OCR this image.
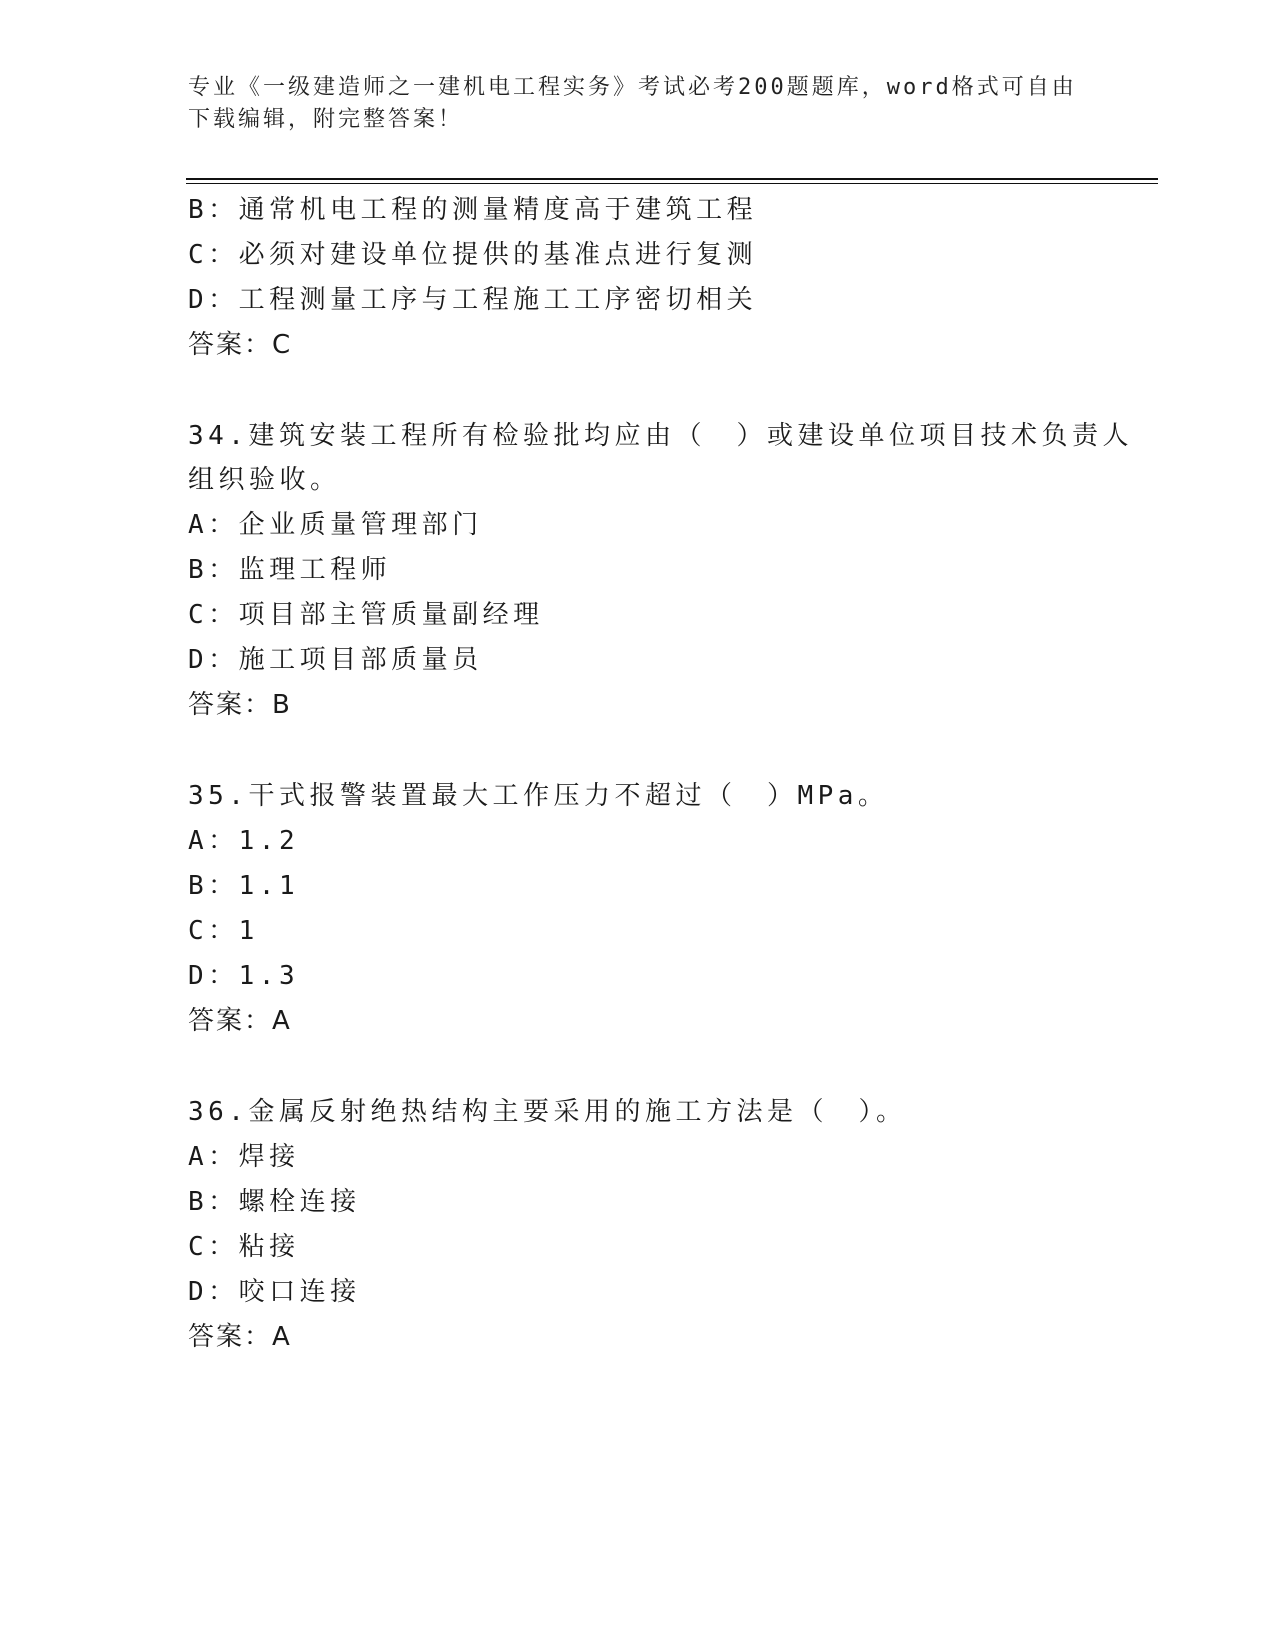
专业《一级建造师之一建机电工程实务》考试必考200题题库，word格式可自由
下载编辑，附完整答案！
B：通常机电工程的测量精度高于建筑工程
C：必须对建设单位提供的基准点进行复测
D：工程测量工序与工程施工工序密切相关
答案：C
34.建筑安装工程所有检验批均应由（　）或建设单位项目技术负责人
组织验收。
A：企业质量管理部门
B：监理工程师
C：项目部主管质量副经理
D：施工项目部质量员
答案：B
35.干式报警装置最大工作压力不超过（　）MPa。
A：1.2
B：1.1
C：1
D：1.3
答案：A
36.金属反射绝热结构主要采用的施工方法是（　）。
A：焊接
B：螺栓连接
C：粘接
D：咬口连接
答案：A
